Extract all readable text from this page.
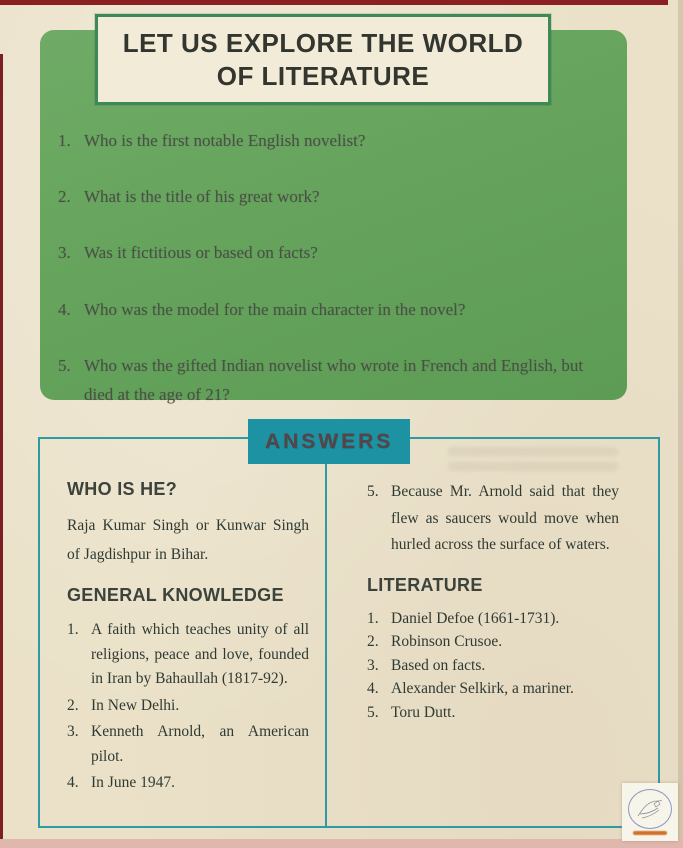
1. Who is the first notable English novelist?
2. What is the title of his great work?
3. Was it fictitious or based on facts?
4. Who was the model for the main character in the novel?
5. Who was the gifted Indian novelist who wrote in French and English, but died at the age of 21?
LET US EXPLORE THE WORLD
OF LITERATURE
ANSWERS
WHO IS HE?
Raja Kumar Singh or Kunwar Singh of Jagdishpur in Bihar.
GENERAL KNOWLEDGE
1. A faith which teaches unity of all religions, peace and love, founded in Iran by Bahaullah (1817-92).
2. In New Delhi.
3. Kenneth Arnold, an American pilot.
4. In June 1947.
5. Because Mr. Arnold said that they flew as saucers would move when hurled across the surface of waters.
LITERATURE
1. Daniel Defoe (1661-1731).
2. Robinson Crusoe.
3. Based on facts.
4. Alexander Selkirk, a mariner.
5. Toru Dutt.
